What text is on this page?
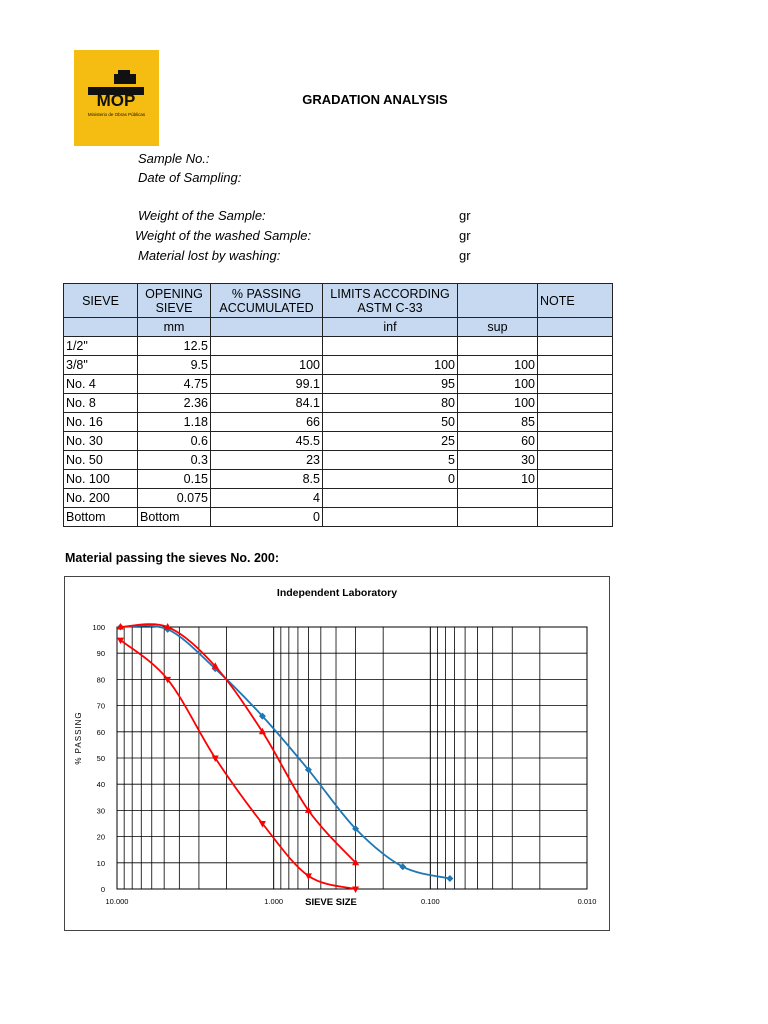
MOP
Ministerio de Obras Públicas
GRADATION ANALYSIS
Sample No.:
Date of Sampling:
Weight of the Sample:
Weight of the washed Sample:
Material lost by washing:
gr
gr
gr
SIEVE	OPENING SIEVE	% PASSING ACCUMULATED	LIMITS ACCORDING ASTM C-33		NOTE
	mm		inf	sup	
1/2"	12.5				
3/8"	9.5	100	100	100	
No. 4	4.75	99.1	95	100	
No. 8	2.36	84.1	80	100	
No. 16	1.18	66	50	85	
No. 30	0.6	45.5	25	60	
No. 50	0.3	23	5	30	
No. 100	0.15	8.5	0	10	
No. 200	0.075	4			
Bottom	Bottom	0			
Material passing the sieves No. 200:
0
10
20
30
40
50
60
70
80
90
100
10.000	1.000	0.100	0.010
Independent Laboratory
SIEVE SIZE
% PASSING
